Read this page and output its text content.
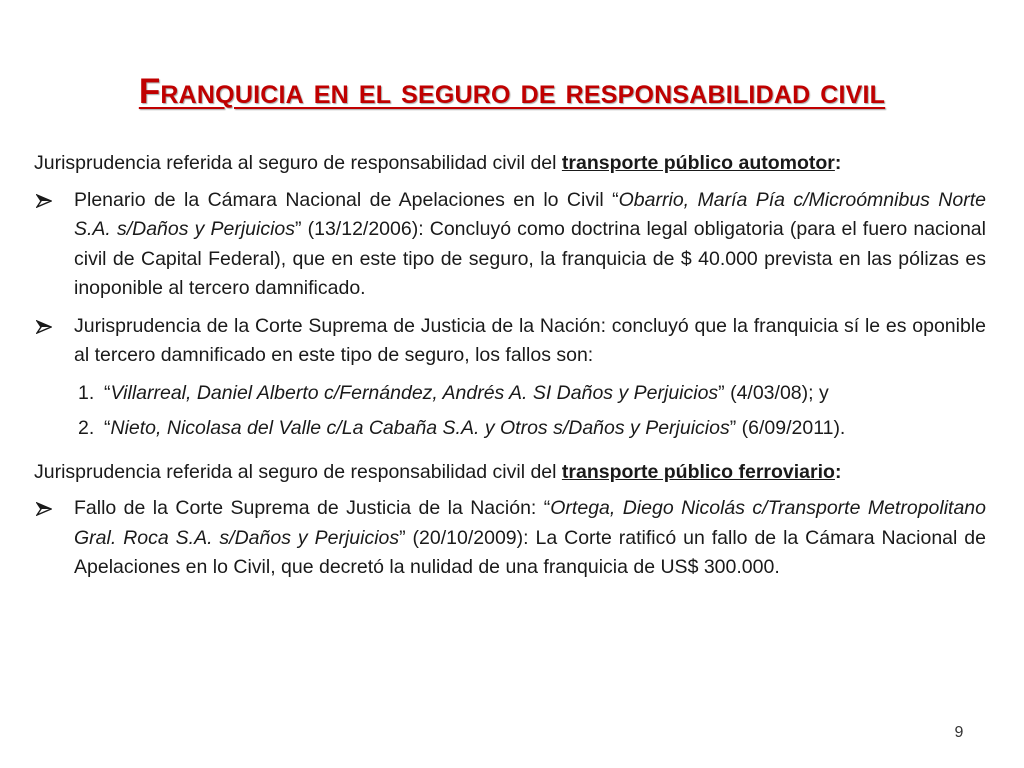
Franquicia en el seguro de responsabilidad civil

Jurisprudencia referida al seguro de responsabilidad civil del transporte público automotor:

Plenario de la Cámara Nacional de Apelaciones en lo Civil “Obarrio, María Pía c/Microómnibus Norte S.A. s/Daños y Perjuicios” (13/12/2006): Concluyó como doctrina legal obligatoria (para el fuero nacional civil de Capital Federal), que en este tipo de seguro, la franquicia de $ 40.000 prevista en las pólizas es inoponible al tercero damnificado.
Jurisprudencia de la Corte Suprema de Justicia de la Nación: concluyó que la franquicia sí le es oponible al tercero damnificado en este tipo de seguro, los fallos son:
1. “Villarreal, Daniel Alberto c/Fernández, Andrés A. SI Daños y Perjuicios” (4/03/08); y
2. “Nieto, Nicolasa del Valle c/La Cabaña S.A. y Otros s/Daños y Perjuicios” (6/09/2011).

Jurisprudencia referida al seguro de responsabilidad civil del transporte público ferroviario:

Fallo de la Corte Suprema de Justicia de la Nación: “Ortega, Diego Nicolás c/Transporte Metropolitano Gral. Roca S.A. s/Daños y Perjuicios” (20/10/2009): La Corte ratificó un fallo de la Cámara Nacional de Apelaciones en lo Civil, que decretó la nulidad de una franquicia de US$ 300.000.
9
